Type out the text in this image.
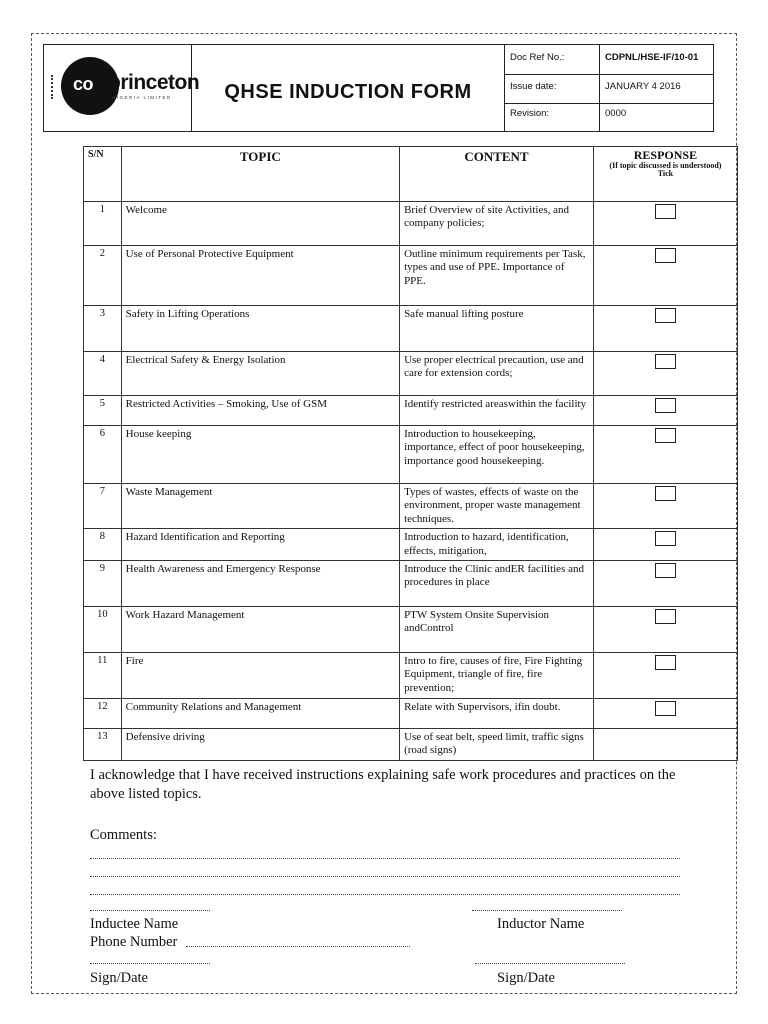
co princeton
NIGERIA LIMITED	QHSE INDUCTION FORM
Doc Ref No.:	CDPNL/HSE-IF/10-01
Issue date:	JANUARY 4 2016
Revision:	0000
S/N	TOPIC	CONTENT	RESPONSE
(If topic discussed is understood)
Tick

1	Welcome	Brief Overview of site Activities, and company policies;	
2	Use of Personal Protective Equipment	Outline minimum requirements per Task, types and use of PPE. Importance of PPE.	
3	Safety in Lifting Operations	Safe manual lifting posture	
4	Electrical Safety & Energy Isolation	Use proper electrical precaution, use and care for extension cords;	
5	Restricted Activities – Smoking, Use of GSM	Identify restricted areaswithin the facility	
6	House keeping	Introduction to housekeeping, importance, effect of poor housekeeping, importance good housekeeping.	
7	Waste Management	Types of wastes, effects of waste on the environment, proper waste management techniques.	
8	Hazard Identification and Reporting	Introduction to hazard, identification, effects, mitigation,	
9	Health Awareness and Emergency Response	Introduce the Clinic andER facilities and procedures in place	
10	Work Hazard Management	PTW System Onsite Supervision andControl	
11	Fire	Intro to fire, causes of fire, Fire Fighting Equipment, triangle of fire, fire prevention;	
12	Community Relations and Management	Relate with Supervisors, ifin doubt.	
13	Defensive driving	Use of seat belt, speed limit, traffic signs (road signs)	
I acknowledge that I have received instructions explaining safe work procedures and practices on the above listed topics.
Comments:
Inductee Name	Inductor Name
Phone Number
Sign/Date	Sign/Date
